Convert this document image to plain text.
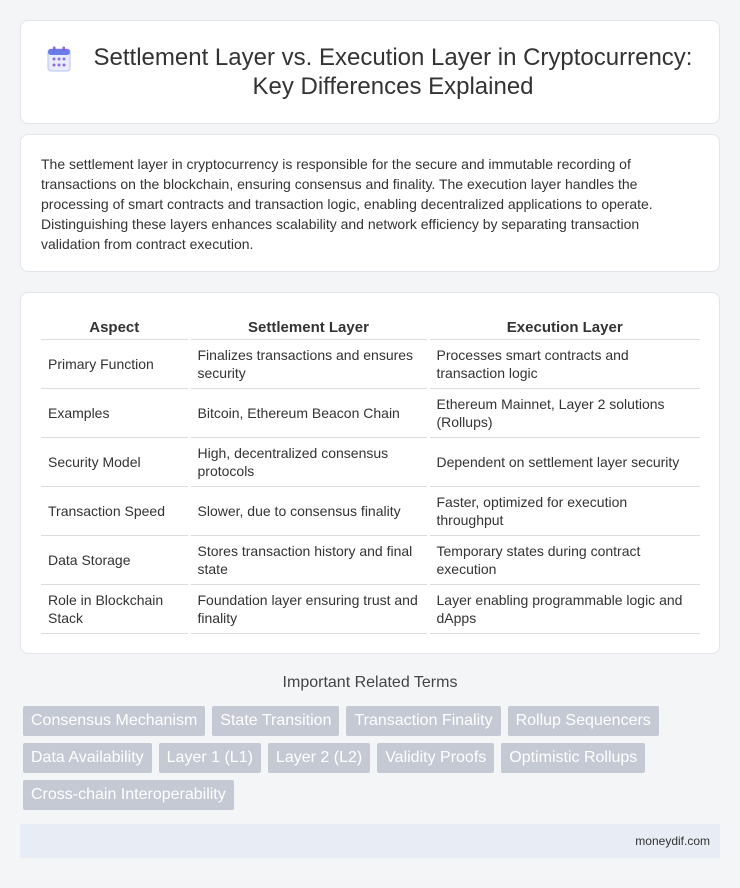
Settlement Layer vs. Execution Layer in Cryptocurrency: Key Differences Explained

The settlement layer in cryptocurrency is responsible for the secure and immutable recording of transactions on the blockchain, ensuring consensus and finality. The execution layer handles the processing of smart contracts and transaction logic, enabling decentralized applications to operate. Distinguishing these layers enhances scalability and network efficiency by separating transaction validation from contract execution.

Aspect	Settlement Layer	Execution Layer
Primary Function	Finalizes transactions and ensures security	Processes smart contracts and transaction logic
Examples	Bitcoin, Ethereum Beacon Chain	Ethereum Mainnet, Layer 2 solutions (Rollups)
Security Model	High, decentralized consensus protocols	Dependent on settlement layer security
Transaction Speed	Slower, due to consensus finality	Faster, optimized for execution throughput
Data Storage	Stores transaction history and final state	Temporary states during contract execution
Role in Blockchain Stack	Foundation layer ensuring trust and finality	Layer enabling programmable logic and dApps
Important Related Terms
Consensus Mechanism	State Transition	Transaction Finality	Rollup Sequencers
Data Availability	Layer 1 (L1)	Layer 2 (L2)	Validity Proofs	Optimistic Rollups
Cross-chain Interoperability
moneydif.com
